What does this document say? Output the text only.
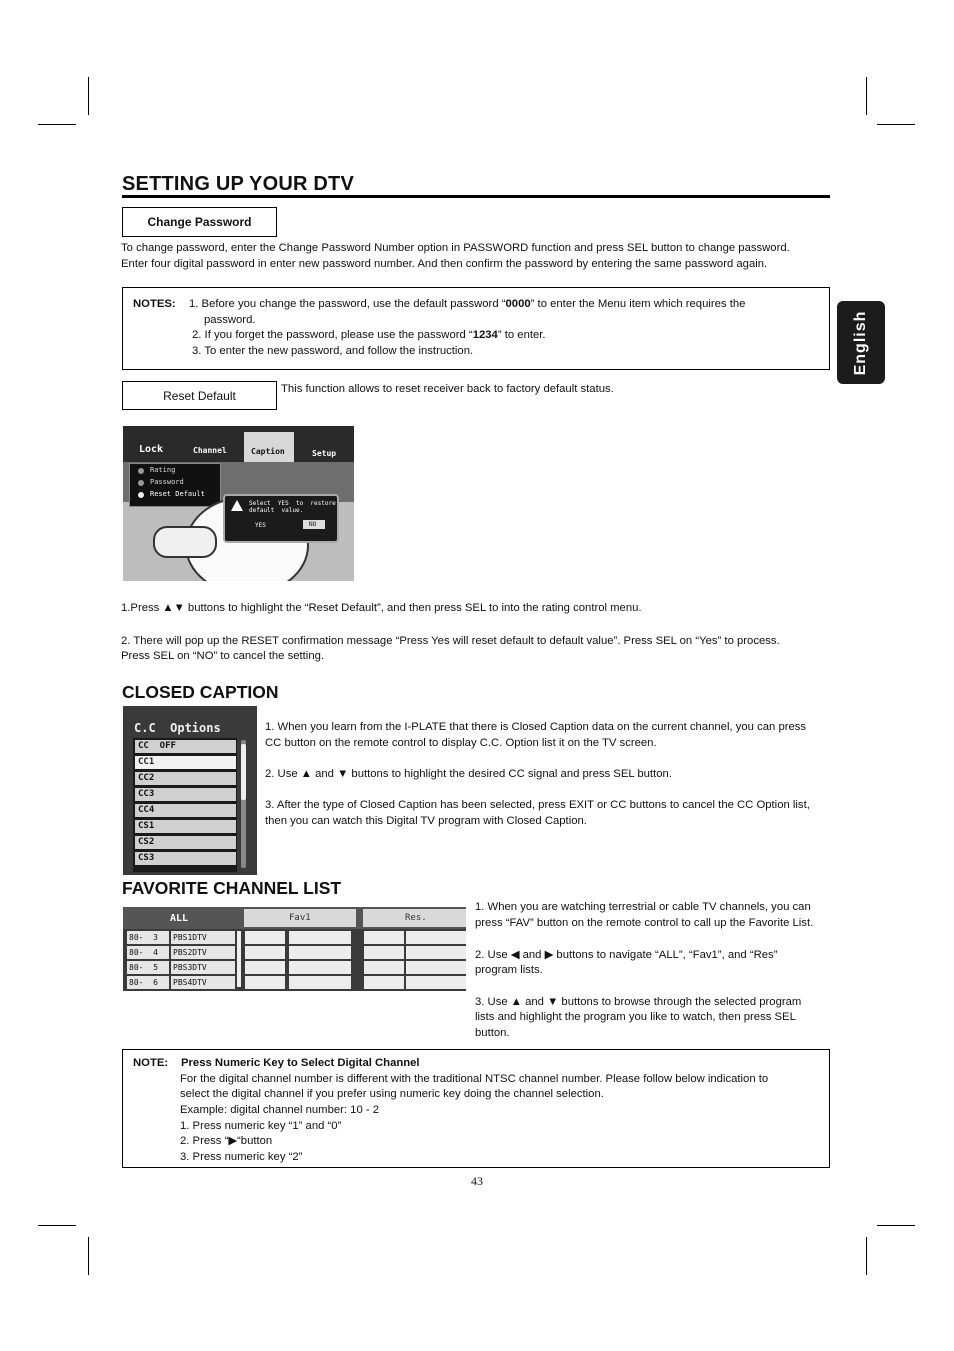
SETTING UP YOUR DTV
English
Change Password
To change password, enter the Change Password Number option in PASSWORD function and press SEL button to change password.
Enter four digital password in enter new password number. And then confirm the password by entering the same password again.
NOTES: 1. Before you change the password, use the default password “0000” to enter the Menu item which requires the
password.
2. If you forget the password, please use the password “1234” to enter.
3. To enter the new password, and follow the instruction.
Reset Default	This function allows to reset receiver back to factory default status.
Lock	Channel	Caption	Setup
Rating
Password
Reset Default
Select  YES  to  restore
default  value.
YES	NO
1.Press ▲▼ buttons to highlight the “Reset Default”, and then press SEL to into the rating control menu.
2. There will pop up the RESET confirmation message “Press Yes will reset default to default value”. Press SEL on “Yes” to process.
Press SEL on “NO” to cancel the setting.
CLOSED CAPTION
C.C  Options
CC  OFF
CC1
CC2
CC3
CC4
CS1
CS2
CS3
1. When you learn from the I-PLATE that there is Closed Caption data on the current channel, you can press
CC button on the remote control to display C.C. Option list it on the TV screen.
2. Use ▲ and ▼ buttons to highlight the desired CC signal and press SEL button.
3. After the type of Closed Caption has been selected, press EXIT or CC buttons to cancel the CC Option list,
then you can watch this Digital TV program with Closed Caption.
FAVORITE CHANNEL LIST
ALL	Fav1	Res.
80-  3	PBS1DTV
80-  4	PBS2DTV
80-  5	PBS3DTV
80-  6	PBS4DTV
1. When you are watching terrestrial or cable TV channels, you can
press “FAV” button on the remote control to call up the Favorite List.
2. Use ◀ and ▶ buttons to navigate “ALL”, “Fav1”, and “Res”
program lists.
3. Use ▲ and ▼ buttons to browse through the selected program
lists and highlight the program you like to watch, then press SEL
button.
NOTE: Press Numeric Key to Select Digital Channel
For the digital channel number is different with the traditional NTSC channel number. Please follow below indication to
select the digital channel if you prefer using numeric key doing the channel selection.
Example: digital channel number: 10 - 2
1. Press numeric key “1” and “0”
2. Press “▶“button
3. Press numeric key “2”
43
